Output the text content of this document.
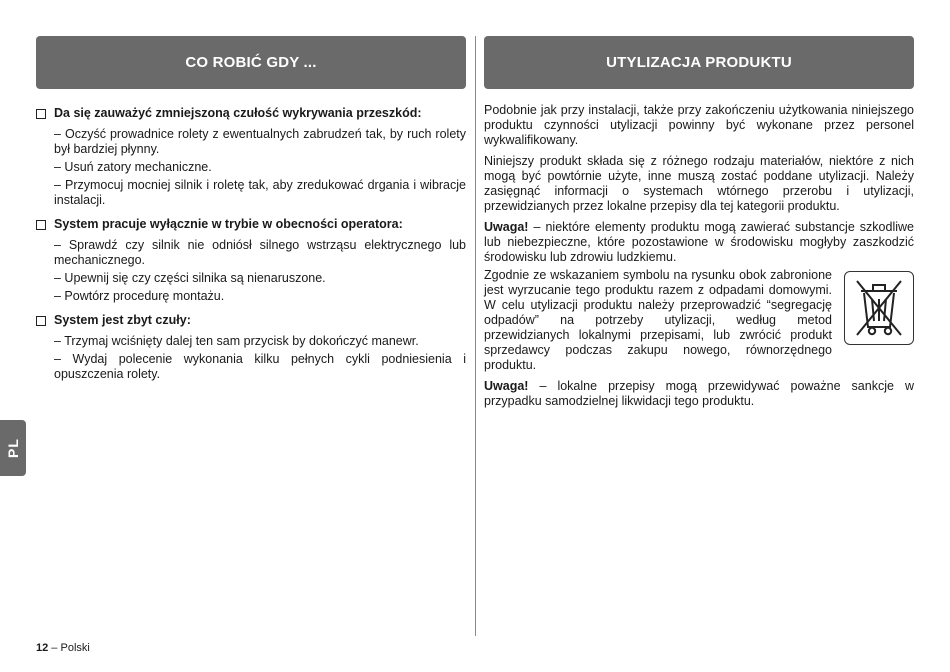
CO ROBIĆ GDY ...	UTYLIZACJA PRODUKTU
Da się zauważyć zmniejszoną czułość wykrywania przeszkód:
– Oczyść prowadnice rolety z ewentualnych zabrudzeń tak, by ruch rolety był bardziej płynny.
– Usuń zatory mechaniczne.
– Przymocuj mocniej silnik i roletę tak, aby zredukować drgania i wibracje instalacji.
System pracuje wyłącznie w trybie w obecności operatora:
– Sprawdź czy silnik nie odniósł silnego wstrząsu elektrycznego lub mechanicznego.
– Upewnij się czy części silnika są nienaruszone.
– Powtórz procedurę montażu.
System jest zbyt czuły:
– Trzymaj wciśnięty dalej ten sam przycisk by dokończyć manewr.
– Wydaj polecenie wykonania kilku pełnych cykli podniesienia i opuszczenia rolety.

Podobnie jak przy instalacji, także przy zakończeniu użytkowania niniejszego produktu czynności utylizacji powinny być wykonane przez personel wykwalifikowany.

Niniejszy produkt składa się z różnego rodzaju materiałów, niektóre z nich mogą być powtórnie użyte, inne muszą zostać poddane utylizacji. Należy zasięgnąć informacji o systemach wtórnego przerobu i utylizacji, przewidzianych przez lokalne przepisy dla tej kategorii produktu.

Uwaga! – niektóre elementy produktu mogą zawierać substancje szkodliwe lub niebezpieczne, które pozostawione w środowisku mogłyby zaszkodzić środowisku lub zdrowiu ludzkiemu.

Zgodnie ze wskazaniem symbolu na rysunku obok zabronione jest wyrzucanie tego produktu razem z odpadami domowymi. W celu utylizacji produktu należy przeprowadzić “segregację odpadów” na potrzeby utylizacji, według metod przewidzianych lokalnymi przepisami, lub zwrócić produkt sprzedawcy podczas zakupu nowego, równorzędnego produktu.

Uwaga! – lokalne przepisy mogą przewidywać poważne sankcje w przypadku samodzielnej likwidacji tego produktu.

PL
12 – Polski
